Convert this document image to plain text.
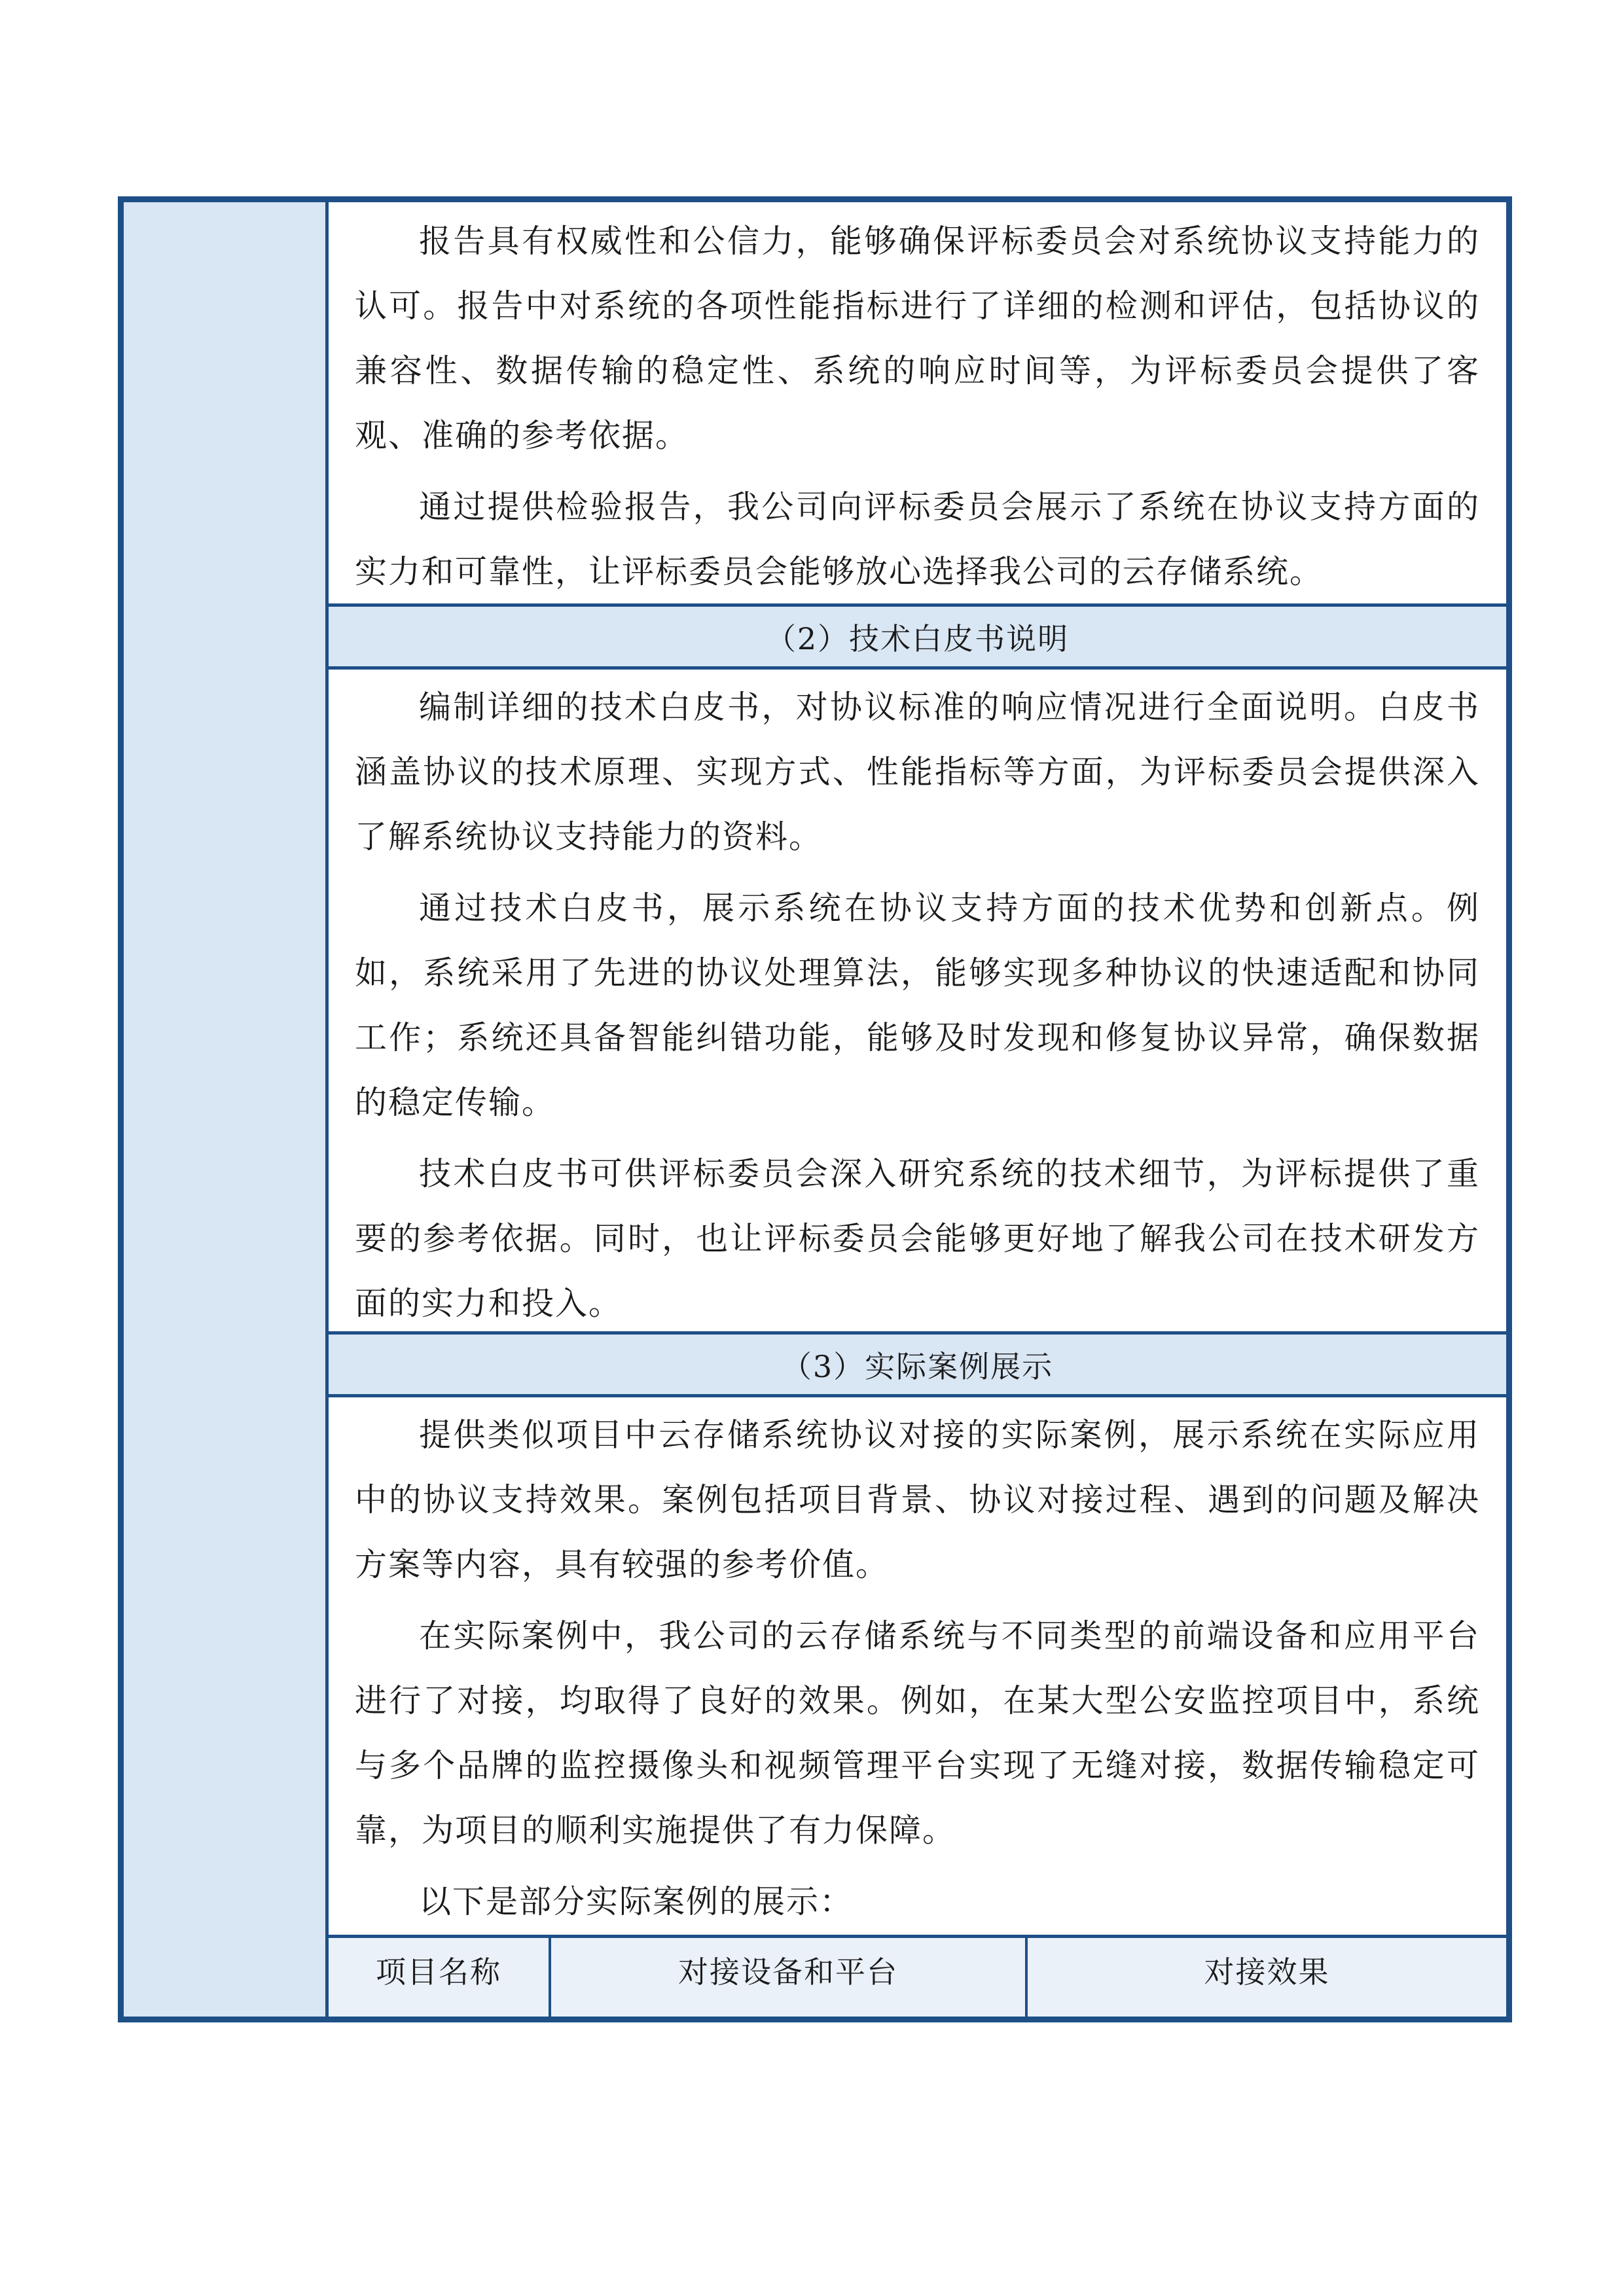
报告具有权威性和公信力，能够确保评标委员会对系统协议支持能力的认可。报告中对系统的各项性能指标进行了详细的检测和评估，包括协议的兼容性、数据传输的稳定性、系统的响应时间等，为评标委员会提供了客观、准确的参考依据。

通过提供检验报告，我公司向评标委员会展示了系统在协议支持方面的实力和可靠性，让评标委员会能够放心选择我公司的云存储系统。

（2）技术白皮书说明

编制详细的技术白皮书，对协议标准的响应情况进行全面说明。白皮书涵盖协议的技术原理、实现方式、性能指标等方面，为评标委员会提供深入了解系统协议支持能力的资料。

通过技术白皮书，展示系统在协议支持方面的技术优势和创新点。例如，系统采用了先进的协议处理算法，能够实现多种协议的快速适配和协同工作；系统还具备智能纠错功能，能够及时发现和修复协议异常，确保数据的稳定传输。

技术白皮书可供评标委员会深入研究系统的技术细节，为评标提供了重要的参考依据。同时，也让评标委员会能够更好地了解我公司在技术研发方面的实力和投入。

（3）实际案例展示

提供类似项目中云存储系统协议对接的实际案例，展示系统在实际应用中的协议支持效果。案例包括项目背景、协议对接过程、遇到的问题及解决方案等内容，具有较强的参考价值。

在实际案例中，我公司的云存储系统与不同类型的前端设备和应用平台进行了对接，均取得了良好的效果。例如，在某大型公安监控项目中，系统与多个品牌的监控摄像头和视频管理平台实现了无缝对接，数据传输稳定可靠，为项目的顺利实施提供了有力保障。

以下是部分实际案例的展示：

项目名称	对接设备和平台	对接效果
